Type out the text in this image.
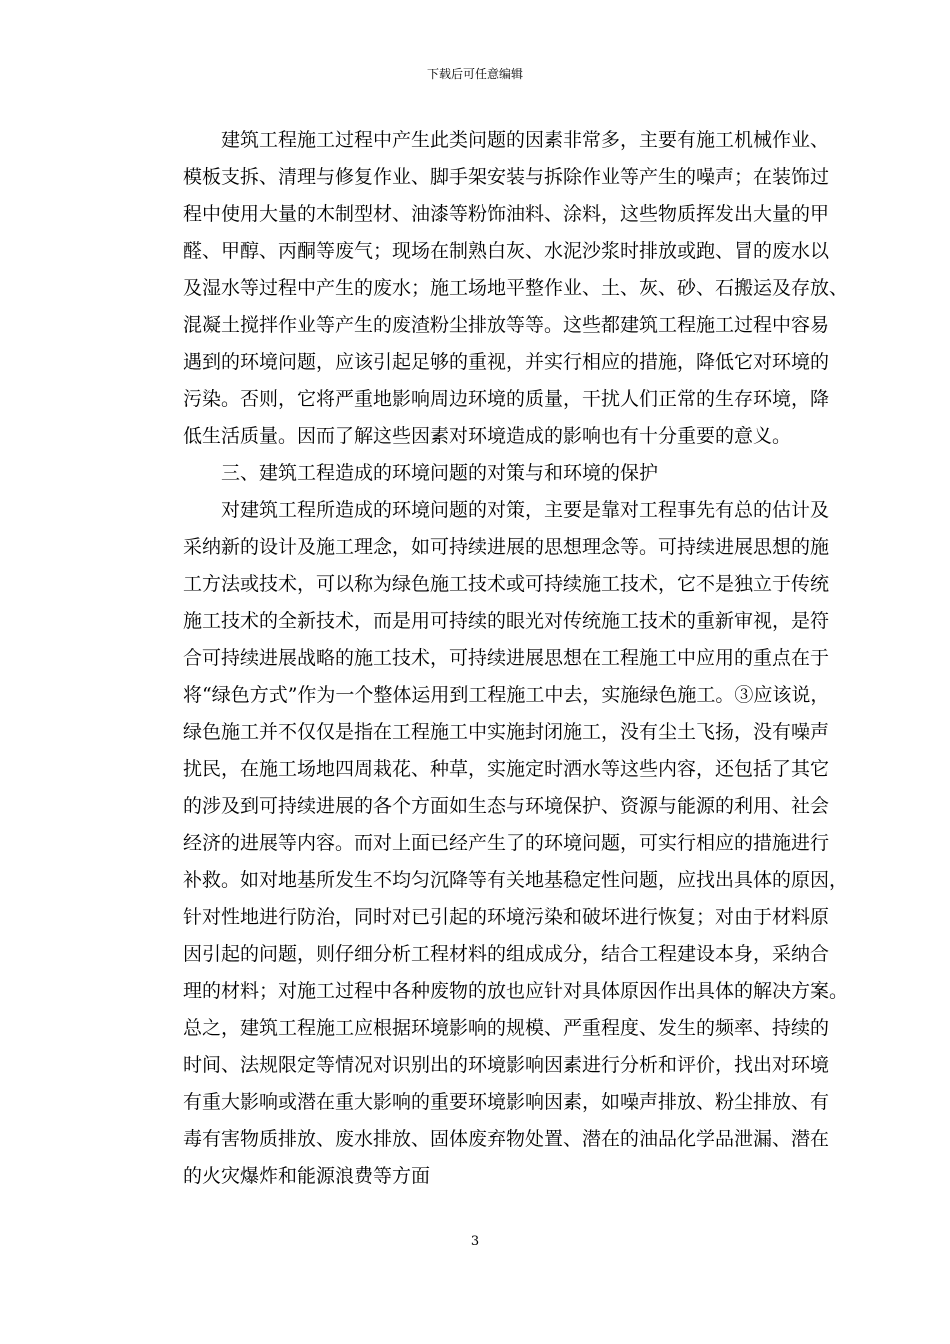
下载后可任意编辑
建筑工程施工过程中产生此类问题的因素非常多，主要有施工机械作业、
模板支拆、清理与修复作业、脚手架安装与拆除作业等产生的噪声；在装饰过
程中使用大量的木制型材、油漆等粉饰油料、涂料，这些物质挥发出大量的甲
醛、甲醇、丙酮等废气；现场在制熟白灰、水泥沙浆时排放或跑、冒的废水以
及湿水等过程中产生的废水；施工场地平整作业、土、灰、砂、石搬运及存放、
混凝土搅拌作业等产生的废渣粉尘排放等等。这些都建筑工程施工过程中容易
遇到的环境问题，应该引起足够的重视，并实行相应的措施，降低它对环境的
污染。否则，它将严重地影响周边环境的质量，干扰人们正常的生存环境，降
低生活质量。因而了解这些因素对环境造成的影响也有十分重要的意义。
三、建筑工程造成的环境问题的对策与和环境的保护
对建筑工程所造成的环境问题的对策，主要是靠对工程事先有总的估计及
采纳新的设计及施工理念，如可持续进展的思想理念等。可持续进展思想的施
工方法或技术，可以称为绿色施工技术或可持续施工技术，它不是独立于传统
施工技术的全新技术，而是用可持续的眼光对传统施工技术的重新审视，是符
合可持续进展战略的施工技术，可持续进展思想在工程施工中应用的重点在于
将“绿色方式”作为一个整体运用到工程施工中去，实施绿色施工。③应该说，
绿色施工并不仅仅是指在工程施工中实施封闭施工，没有尘土飞扬，没有噪声
扰民，在施工场地四周栽花、种草，实施定时洒水等这些内容，还包括了其它
的涉及到可持续进展的各个方面如生态与环境保护、资源与能源的利用、社会
经济的进展等内容。而对上面已经产生了的环境问题，可实行相应的措施进行
补救。如对地基所发生不均匀沉降等有关地基稳定性问题，应找出具体的原因，
针对性地进行防治，同时对已引起的环境污染和破坏进行恢复；对由于材料原
因引起的问题，则仔细分析工程材料的组成成分，结合工程建设本身，采纳合
理的材料；对施工过程中各种废物的放也应针对具体原因作出具体的解决方案。
总之，建筑工程施工应根据环境影响的规模、严重程度、发生的频率、持续的
时间、法规限定等情况对识别出的环境影响因素进行分析和评价，找出对环境
有重大影响或潜在重大影响的重要环境影响因素，如噪声排放、粉尘排放、有
毒有害物质排放、废水排放、固体废弃物处置、潜在的油品化学品泄漏、潜在
的火灾爆炸和能源浪费等方面
3
